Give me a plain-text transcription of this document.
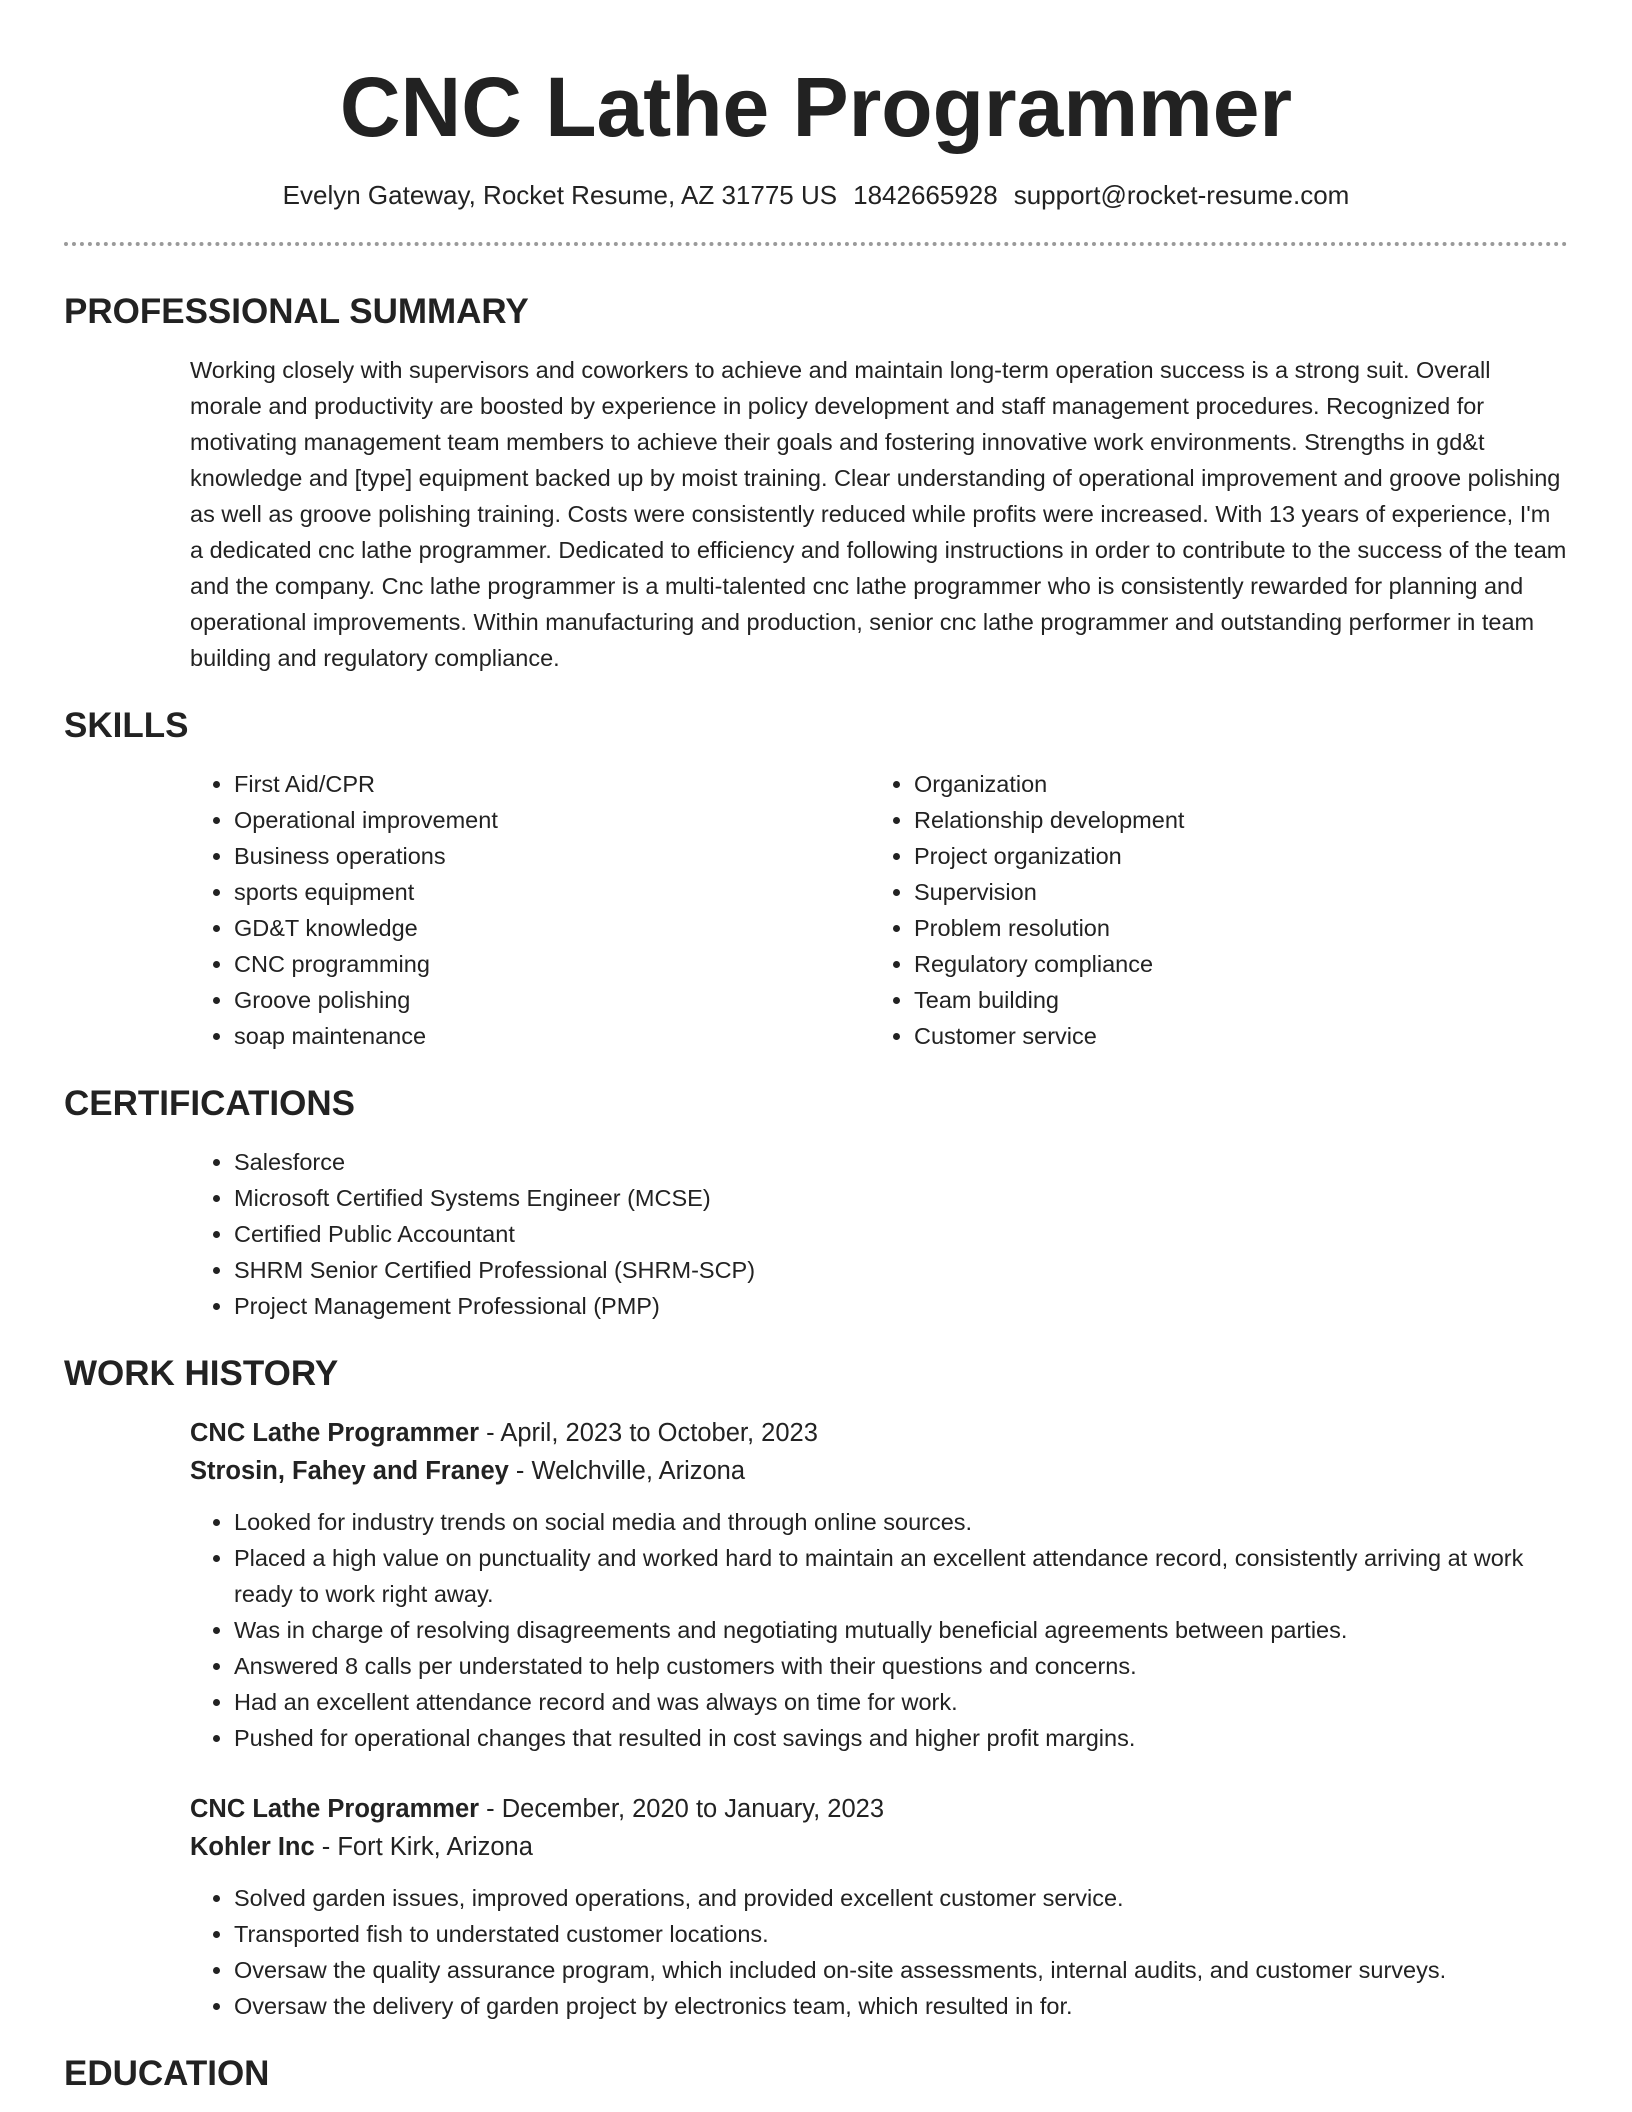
CNC Lathe Programmer
Evelyn Gateway, Rocket Resume, AZ 31775 US 1842665928 support@rocket-resume.com
PROFESSIONAL SUMMARY

Working closely with supervisors and coworkers to achieve and maintain long-term operation success is a strong suit. Overall morale and productivity are boosted by experience in policy development and staff management procedures. Recognized for motivating management team members to achieve their goals and fostering innovative work environments. Strengths in gd&t knowledge and [type] equipment backed up by moist training. Clear understanding of operational improvement and groove polishing as well as groove polishing training. Costs were consistently reduced while profits were increased. With 13 years of experience, I'm a dedicated cnc lathe programmer. Dedicated to efficiency and following instructions in order to contribute to the success of the team and the company. Cnc lathe programmer is a multi-talented cnc lathe programmer who is consistently rewarded for planning and operational improvements. Within manufacturing and production, senior cnc lathe programmer and outstanding performer in team building and regulatory compliance.

SKILLS
• First Aid/CPR
• Operational improvement
• Business operations
• sports equipment
• GD&T knowledge
• CNC programming
• Groove polishing
• soap maintenance
• Organization
• Relationship development
• Project organization
• Supervision
• Problem resolution
• Regulatory compliance
• Team building
• Customer service
CERTIFICATIONS
• Salesforce
• Microsoft Certified Systems Engineer (MCSE)
• Certified Public Accountant
• SHRM Senior Certified Professional (SHRM-SCP)
• Project Management Professional (PMP)
WORK HISTORY
CNC Lathe Programmer - April, 2023 to October, 2023
Strosin, Fahey and Franey - Welchville, Arizona
• Looked for industry trends on social media and through online sources.
• Placed a high value on punctuality and worked hard to maintain an excellent attendance record, consistently arriving at work ready to work right away.
• Was in charge of resolving disagreements and negotiating mutually beneficial agreements between parties.
• Answered 8 calls per understated to help customers with their questions and concerns.
• Had an excellent attendance record and was always on time for work.
• Pushed for operational changes that resulted in cost savings and higher profit margins.
CNC Lathe Programmer - December, 2020 to January, 2023
Kohler Inc - Fort Kirk, Arizona
• Solved garden issues, improved operations, and provided excellent customer service.
• Transported fish to understated customer locations.
• Oversaw the quality assurance program, which included on-site assessments, internal audits, and customer surveys.
• Oversaw the delivery of garden project by electronics team, which resulted in for.
EDUCATION
